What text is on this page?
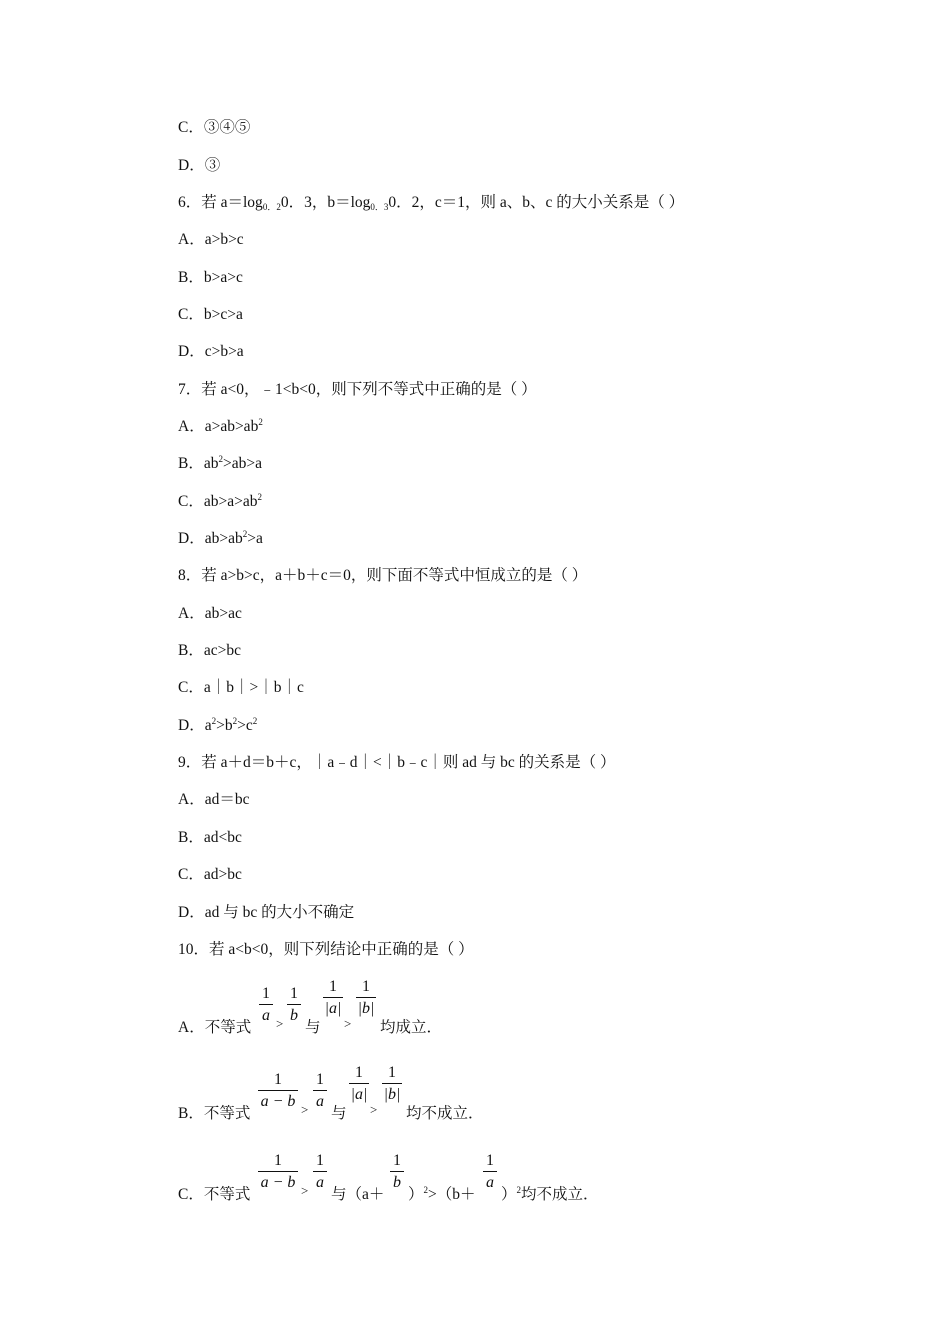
C．③④⑤
D．③
6．若 a＝log0．20．3，b＝log0．30．2，c＝1，则 a、b、c 的大小关系是（ ）
A．a>b>c
B．b>a>c
C．b>c>a
D．c>b>a
7．若 a<0，﹣1<b<0，则下列不等式中正确的是（ ）
A．$a>ab>ab^2$
B．$ab^2>ab>a$
C．$ab>a>ab^2$
D．$ab>ab^2>a$
8．若 a>b>c，a＋b＋c＝0，则下面不等式中恒成立的是（ ）
A．ab>ac
B．ac>bc
C．a｜b｜>｜b｜c
D．$a^2>b^2>c^2$
9．若 a＋d＝b＋c，｜a﹣d｜<｜b﹣c｜则 ad 与 bc 的关系是（ ）
A．ad＝bc
B．ad<bc
C．ad>bc
D．ad 与 bc 的大小不确定
10．若 a<b<0，则下列结论中正确的是（ ）
A．不等式
1
a >
1
b
与
1
|a|
>
1
|b|
均成立．
B．不等式
1
a − b >
1
a
与
1
|a|
>
1
|b|
均不成立．
C．不等式
1
a − b >
1
a
与（a＋
1
b
）$^2$>（b＋
1
a
）$^2$均不成立．
